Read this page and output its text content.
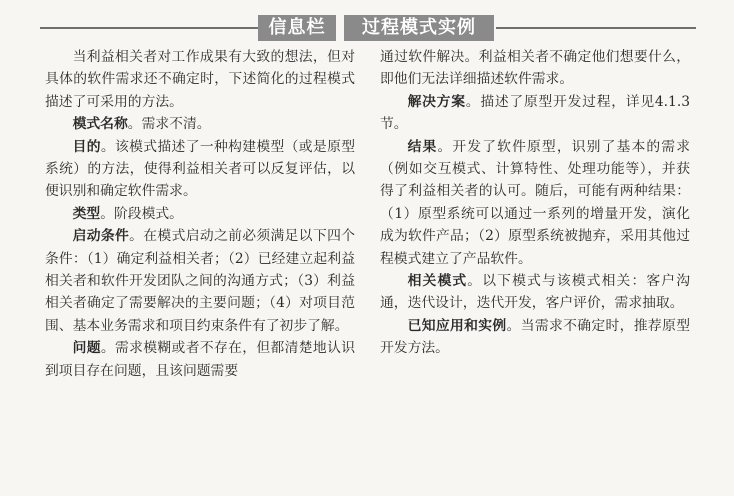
信息栏	过程模式实例

当利益相关者对工作成果有大致的想法，但对具体的软件需求还不确定时，下述简化的过程模式描述了可采用的方法。

模式名称。需求不清。

目的。该模式描述了一种构建模型（或是原型系统）的方法，使得利益相关者可以反复评估，以便识别和确定软件需求。

类型。阶段模式。

启动条件。在模式启动之前必须满足以下四个条件：（1）确定利益相关者；（2）已经建立起利益相关者和软件开发团队之间的沟通方式；（3）利益相关者确定了需要解决的主要问题；（4）对项目范围、基本业务需求和项目约束条件有了初步了解。

问题。需求模糊或者不存在，但都清楚地认识到项目存在问题，且该问题需要

通过软件解决。利益相关者不确定他们想要什么，即他们无法详细描述软件需求。

解决方案。描述了原型开发过程，详见4.1.3节。

结果。开发了软件原型，识别了基本的需求（例如交互模式、计算特性、处理功能等），并获得了利益相关者的认可。随后，可能有两种结果：（1）原型系统可以通过一系列的增量开发，演化成为软件产品；（2）原型系统被抛弃，采用其他过程模式建立了产品软件。

相关模式。以下模式与该模式相关：客户沟通，迭代设计，迭代开发，客户评价，需求抽取。

已知应用和实例。当需求不确定时，推荐原型开发方法。
